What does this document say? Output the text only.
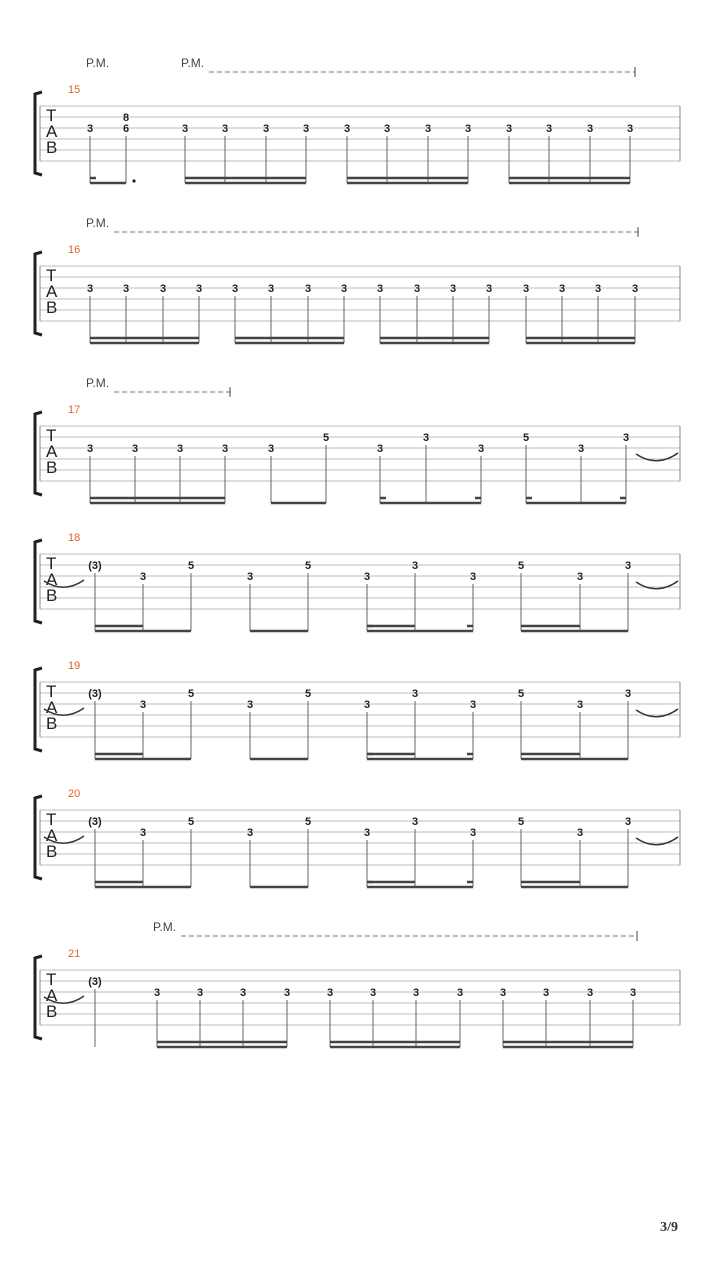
T
A
B
15
P.M.	P.M.
3	6
8
3	3	3	3	3	3	3	3	3	3	3	3
T
A
B
16
P.M.
3	3	3	3	3	3	3	3	3	3	3	3	3	3	3	3
T
A
B
17
P.M.
3	3	3	3	3
5
3
3
3
5
3
3
T
A
B
18
(3)
3
5
3
5
3
3
3
5
3
3
T
A
B
19
(3)
3
5
3
5
3
3
3
5
3
3
T
A
B
20
(3)
3
5
3
5
3
3
3
5
3
3
T
A
B
21
P.M.
(3)
3	3	3	3	3	3	3	3	3	3	3	3
3/9
